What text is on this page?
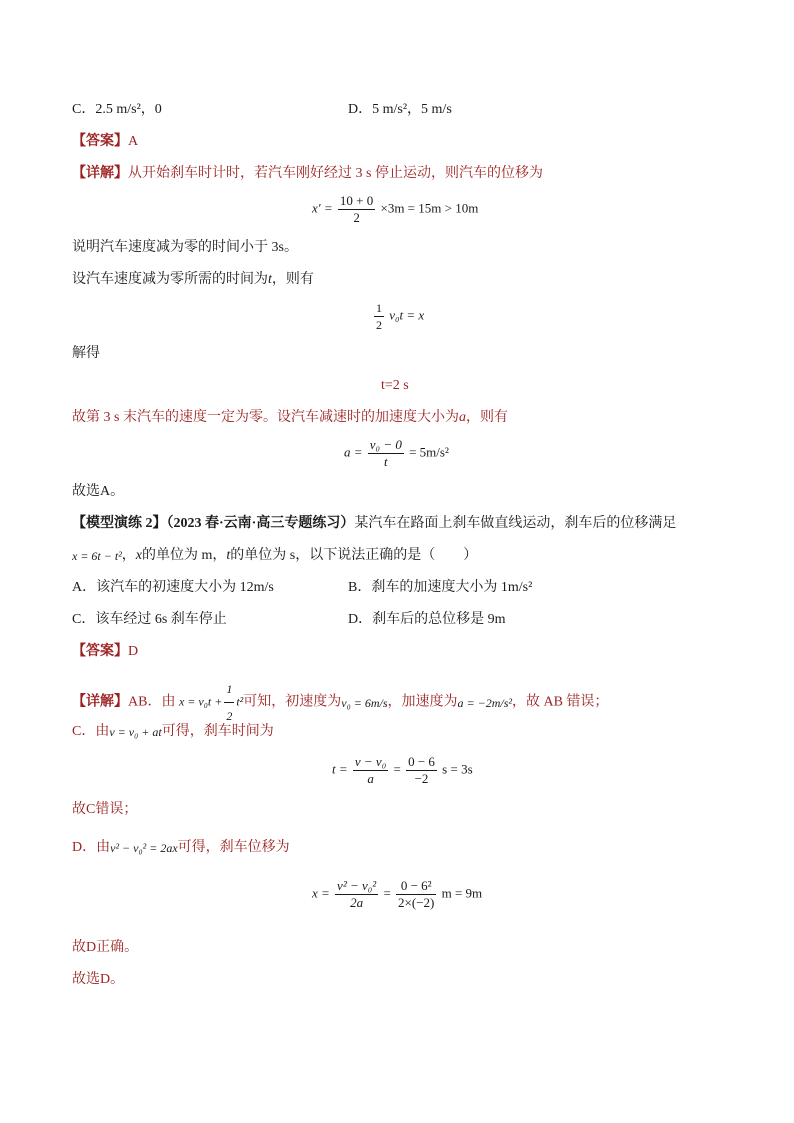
C．2.5 m/s²，0	D．5 m/s²，5 m/s
【答案】A
【详解】从开始刹车时计时，若汽车刚好经过 3 s 停止运动，则汽车的位移为
$x' = \frac{10 + 0}{2} \times 3m = 15m > 10m$
说明汽车速度减为零的时间小于 3s。
设汽车速度减为零所需的时间为t，则有
$\frac{1}{2} v_0t = x$
解得
t=2 s
故第 3 s 末汽车的速度一定为零。设汽车减速时的加速度大小为a，则有
$a = \frac{\text{v₀ − 0}}{t} = 5m/s^2$
故选A。
【模型演练 2】（2023 春·云南·高三专题练习）某汽车在路面上刹车做直线运动，刹车后的位移满足
x = 6t − t²，x的单位为 m，t的单位为 s，以下说法正确的是（　　）
A．该汽车的初速度大小为 12m/s	B．刹车的加速度大小为 1m/s²
C．该车经过 6s 刹车停止	D．刹车后的总位移是 9m
【答案】D
【详解】AB．由 $x = v_0t + \frac{1}{2} t^2$可知，初速度为v₀ = 6m/s，加速度为a = −2m/s²，故 AB 错误；
C．由v = v₀ + at可得，刹车时间为
$t = \frac{\text{v − v₀}}{a} = \frac{0 - 6}{-2}$ s = 3s
故C错误；
D．由v² − v₀² = 2ax可得，刹车位移为
$x = \frac{\text{v² − v₀²}}{2a} = \frac{\text{0 − 6²}}{2\times(-2)}$ m = 9m
故D正确。
故选D。
